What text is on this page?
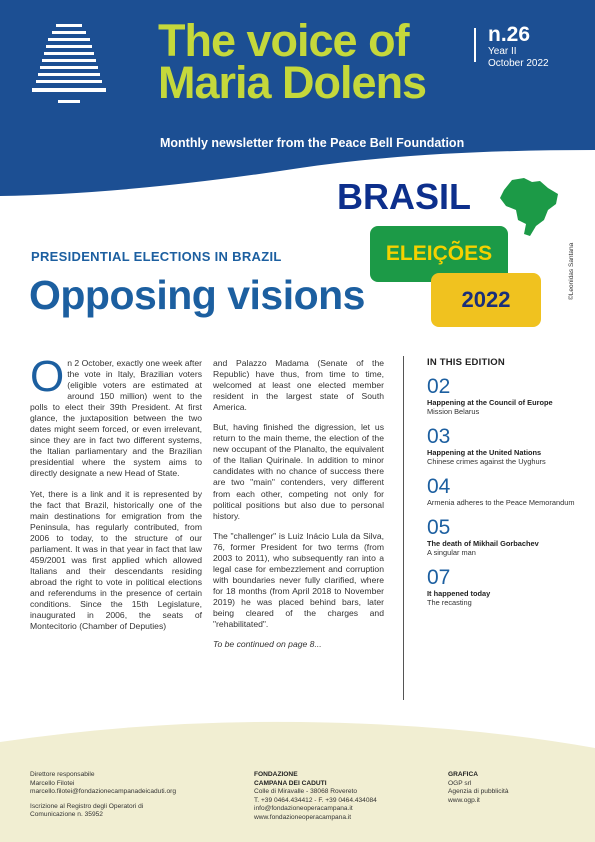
The voice of
Maria Dolens
n.26
Year II
October 2022
Monthly newsletter from the Peace Bell Foundation
BRASIL
ELEIÇÕES
2022	©Leonidas Santana
PRESIDENTIAL ELECTIONS IN BRAZIL
Opposing visions

On 2 October, exactly one week after the vote in Italy, Brazilian voters (eligible voters are estimated at around 150 million) went to the polls to elect their 39th President. At first glance, the juxtaposition between the two dates might seem forced, or even irrelevant, since they are in fact two different systems, the Italian parliamentary and the Brazilian presidential where the system aims to directly designate a new Head of State.

Yet, there is a link and it is represented by the fact that Brazil, historically one of the main destinations for emigration from the Peninsula, has regularly contributed, from 2006 to today, to the structure of our parliament. It was in that year in fact that law 459/2001 was first applied which allowed Italians and their descendants residing abroad the right to vote in political elections and referendums in the presence of certain conditions. Since the 15th Legislature, inaugurated in 2006, the seats of Montecitorio (Chamber of Deputies)

and Palazzo Madama (Senate of the Republic) have thus, from time to time, welcomed at least one elected member resident in the largest state of South America.

But, having finished the digression, let us return to the main theme, the election of the new occupant of the Planalto, the equivalent of the Italian Quirinale. In addition to minor candidates with no chance of success there are two "main" contenders, very different from each other, competing not only for political positions but also due to personal history.

The "challenger" is Luiz Inácio Lula da Silva, 76, former President for two terms (from 2003 to 2011), who subsequently ran into a legal case for embezzlement and corruption with boundaries never fully clarified, where for 18 months (from April 2018 to November 2019) he was placed behind bars, later being cleared of the charges and "rehabilitated".

To be continued on page 8...

IN THIS EDITION
02
Happening at the Council of Europe
Mission Belarus
03
Happening at the United Nations
Chinese crimes against the Uyghurs
04
Armenia adheres to the Peace Memorandum
05
The death of Mikhail Gorbachev
A singular man
07
It happened today
The recasting
Direttore responsabile
Marcello Filotei
marcello.filotei@fondazionecampanadeicaduti.org
Iscrizione al Registro degli Operatori di
Comunicazione n. 35952
FONDAZIONE
CAMPANA DEI CADUTI
Colle di Miravalle - 38068 Rovereto
T. +39 0464.434412 - F. +39 0464.434084
info@fondazioneoperacampana.it
www.fondazioneoperacampana.it
GRAFICA
OGP srl
Agenzia di pubblicità
www.ogp.it
